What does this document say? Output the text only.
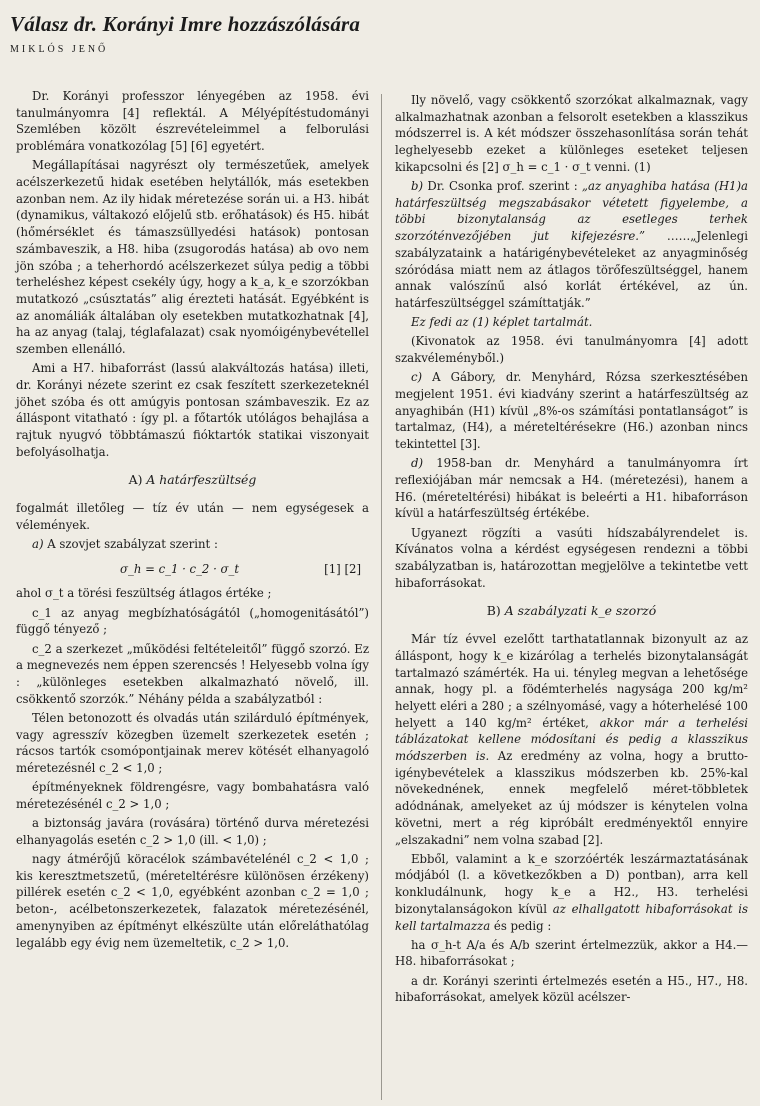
Válasz dr. Korányi Imre hozzászólására
MIKLÓS JENŐ

Dr. Korányi professzor lényegében az 1958. évi tanulmányomra [4] reflektál. A Mélyépítéstudományi Szemlében közölt észrevételeimmel a felborulási problémára vonatkozólag [5] [6] egyetért.

Megállapításai nagyrészt oly természetűek, amelyek acélszerkezetű hidak esetében helytállók, más esetekben azonban nem. Az ily hidak méretezése során ui. a H3. hibát (dynamikus, váltakozó előjelű stb. erőhatások) és H5. hibát (hőmérséklet és támaszsüllyedési hatások) pontosan számbaveszik, a H8. hiba (zsugorodás hatása) ab ovo nem jön szóba ; a teherhordó acélszerkezet súlya pedig a többi terheléshez képest csekély úgy, hogy a k_a, k_e szorzókban mutatkozó „csúsztatás” alig érezteti hatását. Egyébként is az anomáliák általában oly esetekben mutatkozhatnak [4], ha az anyag (talaj, téglafalazat) csak nyomóigénybevétellel szemben ellenálló.

Ami a H7. hibaforrást (lassú alakváltozás hatása) illeti, dr. Korányi nézete szerint ez csak feszített szerkezeteknél jöhet szóba és ott amúgyis pontosan számbaveszik. Ez az álláspont vitatható : így pl. a főtartók utólágos behajlása a rajtuk nyugvó többtámaszú fióktartók statikai viszonyait befolyásolhatja.

A) A határfeszültség

fogalmát illetőleg — tíz év után — nem egységesek a vélemények.

a) A szovjet szabályzat szerint :

σ_h = c_1 · c_2 · σ_t	[1] [2]

ahol σ_t a törési feszültség átlagos értéke ;

c_1 az anyag megbízhatóságától („homogenitásától”) függő tényező ;

c_2 a szerkezet „működési feltételeitől” függő szorzó. Ez a megnevezés nem éppen szerencsés ! Helyesebb volna így : „különleges esetekben alkalmazható növelő, ill. csökkentő szorzók.” Néhány példa a szabályzatból :

Télen betonozott és olvadás után szilárduló építmények, vagy agresszív közegben üzemelt szerkezetek esetén ; rácsos tartók csomópontjainak merev kötését elhanyagoló méretezésnél c_2 < 1,0 ;

építményeknek földrengésre, vagy bombahatásra való méretezésénél c_2 > 1,0 ;

a biztonság javára (rovására) történő durva méretezési elhanyagolás esetén c_2 > 1,0 (ill. < 1,0) ;

nagy átmérőjű köracélok számbavételénél c_2 < 1,0 ; kis keresztmetszetű, (méreteltérésre különösen érzékeny) pillérek esetén c_2 < 1,0, egyébként azonban c_2 = 1,0 ; beton-, acélbetonszerkezetek, falazatok méretezésénél, amenynyiben az építményt elkészülte után előreláthatólag legalább egy évig nem üzemeltetik, c_2 > 1,0.

Ily növelő, vagy csökkentő szorzókat alkalmaznak, vagy alkalmazhatnak azonban a felsorolt esetekben a klasszikus módszerrel is. A két módszer összehasonlítása során tehát leghelyesebb ezeket a különleges eseteket teljesen kikapcsolni és [2] σ_h = c_1 · σ_t venni. (1)

b) Dr. Csonka prof. szerint : „az anyaghiba hatása (H1)a határfeszültség megszabásakor vétetett figyelembe, a többi bizonytalanság az esetleges terhek szorzóténvezőjében jut kifejezésre.” ……„Jelenlegi szabályzataink a határigénybevételeket az anyagminőség szóródása miatt nem az átlagos törőfeszültséggel, hanem annak valószínű alsó korlát értékével, az ún. határfeszültséggel számíttatják.”

Ez fedi az (1) képlet tartalmát.

(Kivonatok az 1958. évi tanulmányomra [4] adott szakvéleményből.)

c) A Gábory, dr. Menyhárd, Rózsa szerkesztésében megjelent 1951. évi kiadvány szerint a határfeszültség az anyaghibán (H1) kívül „8%-os számítási pontatlanságot” is tartalmaz, (H4), a méreteltérésekre (H6.) azonban nincs tekintettel [3].

d) 1958-ban dr. Menyhárd a tanulmányomra írt reflexiójában már nemcsak a H4. (méretezési), hanem a H6. (méreteltérési) hibákat is beleérti a H1. hibaforráson kívül a határfeszültség értékébe.

Ugyanezt rögzíti a vasúti hídszabályrendelet is. Kívánatos volna a kérdést egységesen rendezni a többi szabályzatban is, határozottan megjelölve a tekintetbe vett hibaforrásokat.

B) A szabályzati k_e szorzó

Már tíz évvel ezelőtt tarthatatlannak bizonyult az az álláspont, hogy k_e kizárólag a terhelés bizonytalanságát tartalmazó számérték. Ha ui. tényleg megvan a lehetősége annak, hogy pl. a födémterhelés nagysága 200 kg/m² helyett eléri a 280 ; a szélnyomásé, vagy a hóterhelésé 100 helyett a 140 kg/m² értéket, akkor már a terhelési táblázatokat kellene módosítani és pedig a klasszikus módszerben is. Az eredmény az volna, hogy a brutto-igénybevételek a klasszikus módszerben kb. 25%-kal növekednének, ennek megfelelő méret-többletek adódnának, amelyeket az új módszer is kénytelen volna követni, mert a rég kipróbált eredményektől ennyire „elszakadni” nem volna szabad [2].

Ebből, valamint a k_e szorzóérték leszármaztatásának módjából (l. a következőkben a D) pontban), arra kell konkludálnunk, hogy k_e a H2., H3. terhelési bizonytalanságokon kívül az elhallgatott hibaforrásokat is kell tartalmazza és pedig :

ha σ_h-t A/a és A/b szerint értelmezzük, akkor a H4.—H8. hibaforrásokat ;

a dr. Korányi szerinti értelmezés esetén a H5., H7., H8. hibaforrásokat, amelyek közül acélszer-
